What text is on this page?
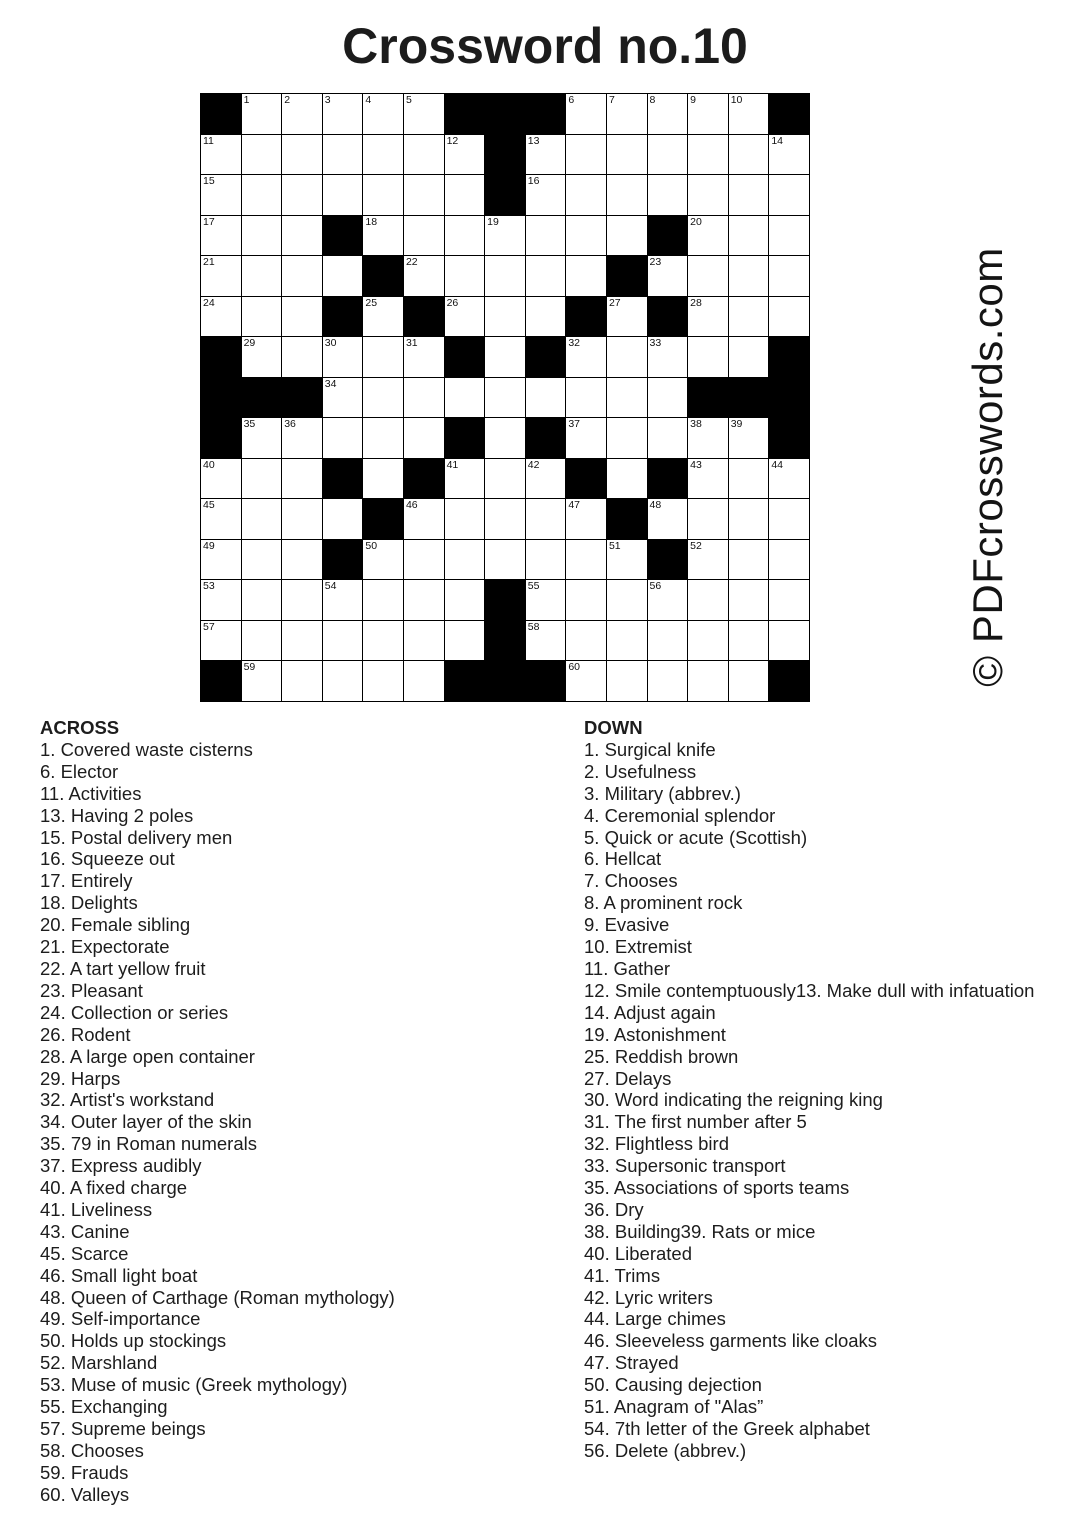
Crossword no.10
1	2	3	4	5	6	7	8	9	10
11	12	13	14
15	16
17	18	19	20
21	22	23
24	25	26	27	28
29	30	31	32	33
34
35	36	37	38	39
40	41	42	43	44
45	46	47	48
49	50	51	52
53	54	55	56
57	58
59	60	© PDFcrosswords.com
ACROSS
1. Covered waste cisterns
6. Elector
11. Activities
13. Having 2 poles
15. Postal delivery men
16. Squeeze out
17. Entirely
18. Delights
20. Female sibling
21. Expectorate
22. A tart yellow fruit
23. Pleasant
24. Collection or series
26. Rodent
28. A large open container
29. Harps
32. Artist's workstand
34. Outer layer of the skin
35. 79 in Roman numerals
37. Express audibly
40. A fixed charge
41. Liveliness
43. Canine
45. Scarce
46. Small light boat
48. Queen of Carthage (Roman mythology)
49. Self-importance
50. Holds up stockings
52. Marshland
53. Muse of music (Greek mythology)
55. Exchanging
57. Supreme beings
58. Chooses
59. Frauds
60. Valleys
DOWN
1. Surgical knife
2. Usefulness
3. Military (abbrev.)
4. Ceremonial splendor
5. Quick or acute (Scottish)
6. Hellcat
7. Chooses
8. A prominent rock
9. Evasive
10. Extremist
11. Gather
12. Smile contemptuously13. Make dull with infatuation
14. Adjust again
19. Astonishment
25. Reddish brown
27. Delays
30. Word indicating the reigning king
31. The first number after 5
32. Flightless bird
33. Supersonic transport
35. Associations of sports teams
36. Dry
38. Building39. Rats or mice
40. Liberated
41. Trims
42. Lyric writers
44. Large chimes
46. Sleeveless garments like cloaks
47. Strayed
50. Causing dejection
51. Anagram of "Alas”
54. 7th letter of the Greek alphabet
56. Delete (abbrev.)
